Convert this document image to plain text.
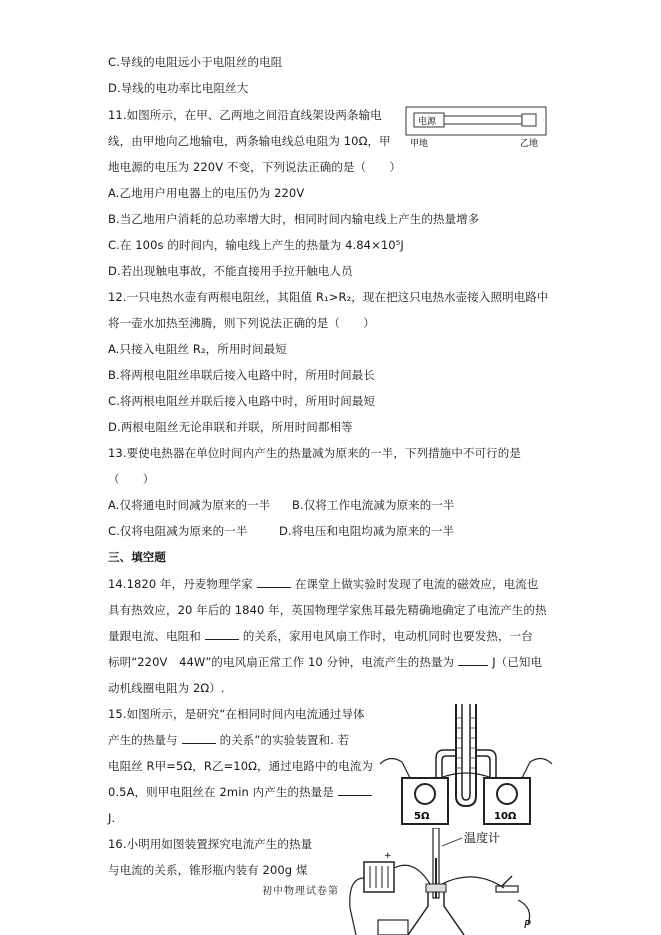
C.导线的电阻远小于电阻丝的电阻
D.导线的电功率比电阻丝大
11.如图所示，在甲、乙两地之间沿直线架设两条输电
线，由甲地向乙地输电，两条输电线总电阻为 10Ω，甲
地电源的电压为 220V 不变，下列说法正确的是（　　）
A.乙地用户用电器上的电压仍为 220V
B.当乙地用户消耗的总功率增大时，相同时间内输电线上产生的热量增多
C.在 100s 的时间内，输电线上产生的热量为 4.84×10⁵J
D.若出现触电事故，不能直接用手拉开触电人员
12.一只电热水壶有两根电阻丝，其阻值 R₁>R₂，现在把这只电热水壶接入照明电路中
将一壶水加热至沸腾，则下列说法正确的是（　　）
A.只接入电阻丝 R₂，所用时间最短
B.将两根电阻丝串联后接入电路中时，所用时间最长
C.将两根电阻丝并联后接入电路中时，所用时间最短
D.两根电阻丝无论串联和并联，所用时间都相等
13.要使电热器在单位时间内产生的热量减为原来的一半，下列措施中不可行的是
（　　）
A.仅将通电时间减为原来的一半 B.仅将工作电流减为原来的一半
C.仅将电阻减为原来的一半	D.将电压和电阻均减为原来的一半
三、填空题
14.1820 年，丹麦物理学家	在课堂上做实验时发现了电流的磁效应，电流也
具有热效应，20 年后的 1840 年，英国物理学家焦耳最先精确地确定了电流产生的热
量跟电流、电阻和	的关系，家用电风扇工作时，电动机同时也要发热，一台
标明“220V　44W”的电风扇正常工作 10 分钟，电流产生的热量为	J（已知电
动机线圈电阻为 2Ω）.
15.如图所示，是研究“在相同时间内电流通过导体
产生的热量与	的关系”的实验装置和. 若
电阻丝 R甲=5Ω，R乙=10Ω，通过电路中的电流为
0.5A，则甲电阻丝在 2min 内产生的热量是
J.
16.小明用如图装置探究电流产生的热量
与电流的关系，锥形瓶内装有 200g 煤
电源
甲地	乙地
5Ω	10Ω
温度计
+
P
初中物理试卷第
